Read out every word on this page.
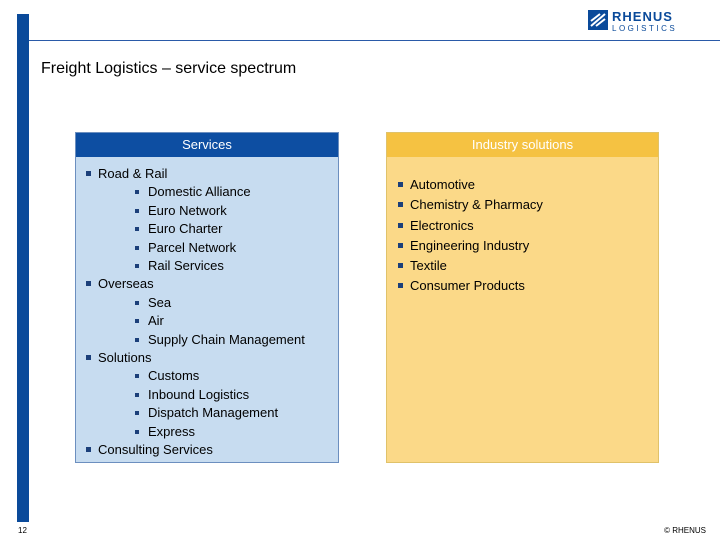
RHENUS
LOGISTICS
Freight Logistics – service spectrum
Services
Road & Rail
Domestic Alliance
Euro Network
Euro Charter
Parcel Network
Rail Services
Overseas
Sea
Air
Supply Chain Management
Solutions
Customs
Inbound Logistics
Dispatch Management
Express
Consulting Services
Industry solutions
Automotive
Chemistry & Pharmacy
Electronics
Engineering Industry
Textile
Consumer Products
12	© RHENUS
